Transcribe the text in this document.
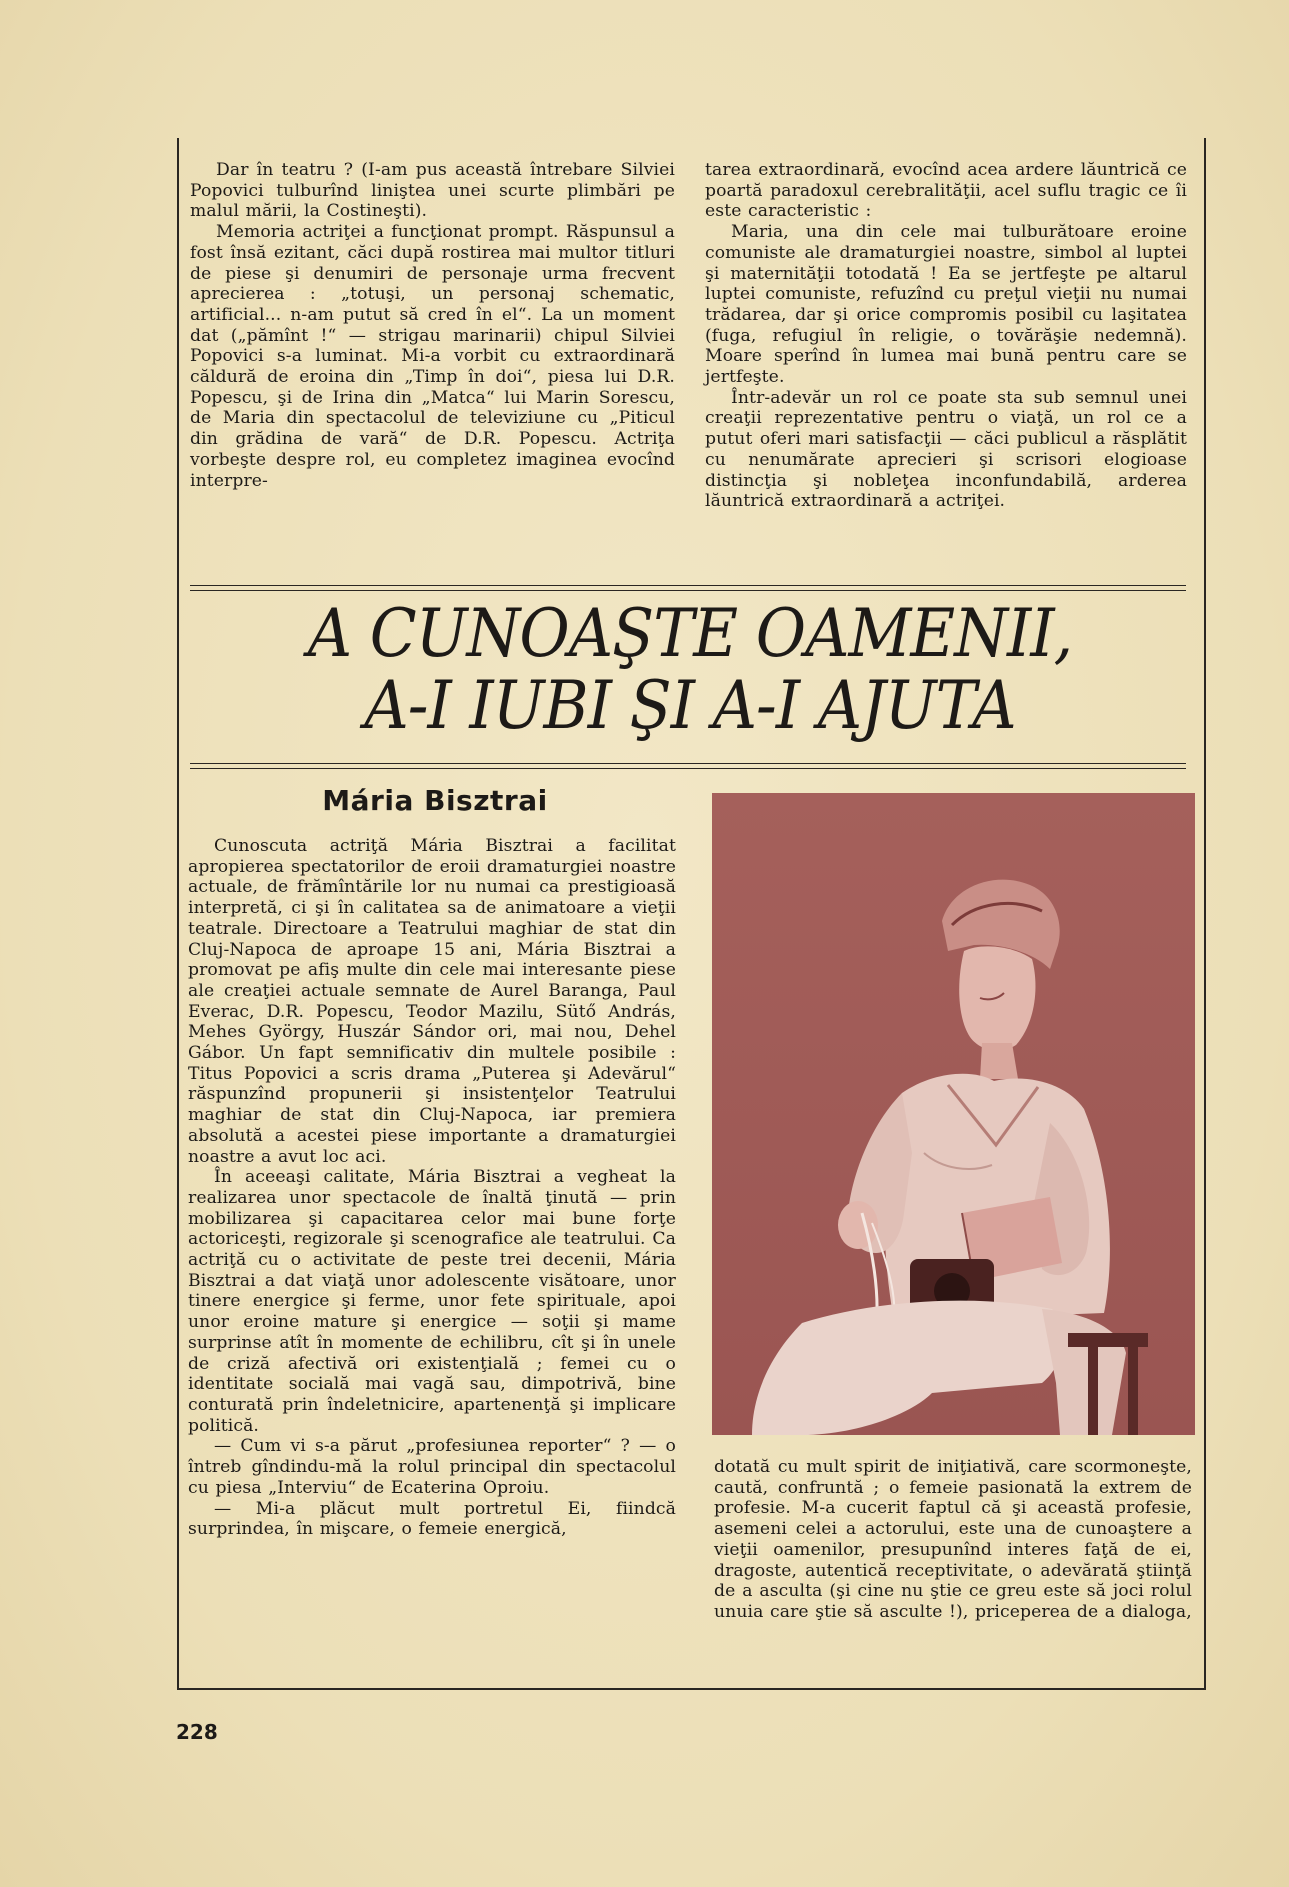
Dar în teatru ? (I-am pus această întrebare Silviei Popovici tulburînd liniştea unei scurte plimbări pe malul mării, la Costineşti).

Memoria actriţei a funcţionat prompt. Răspunsul a fost însă ezitant, căci după rostirea mai multor titluri de piese şi denumiri de personaje urma frecvent aprecierea : „totuşi, un personaj schematic, artificial... n-am putut să cred în el“. La un moment dat („pămînt !“ — strigau marinarii) chipul Silviei Popovici s-a luminat. Mi-a vorbit cu extraordinară căldură de eroina din „Timp în doi“, piesa lui D.R. Popescu, şi de Irina din „Matca“ lui Marin Sorescu, de Maria din spectacolul de televiziune cu „Piticul din grădina de vară“ de D.R. Popescu. Actriţa vorbeşte despre rol, eu completez imaginea evocînd interpre-

tarea extraordinară, evocînd acea ardere lăuntrică ce poartă paradoxul cerebralităţii, acel suflu tragic ce îi este caracteristic :

Maria, una din cele mai tulburătoare eroine comuniste ale dramaturgiei noastre, simbol al luptei şi maternităţii totodată ! Ea se jertfeşte pe altarul luptei comuniste, refuzînd cu preţul vieţii nu numai trădarea, dar şi orice compromis posibil cu laşitatea (fuga, refugiul în religie, o tovărăşie nedemnă). Moare sperînd în lumea mai bună pentru care se jertfeşte.

Într-adevăr un rol ce poate sta sub semnul unei creaţii reprezentative pentru o viaţă, un rol ce a putut oferi mari satisfacţii — căci publicul a răsplătit cu nenumărate aprecieri şi scrisori elogioase distincţia şi nobleţea inconfundabilă, arderea lăuntrică extraordinară a actriţei.

A CUNOAŞTE OAMENII,
A-I IUBI ŞI A-I AJUTA
Mária Bisztrai

Cunoscuta actriţă Mária Bisztrai a facilitat apropierea spectatorilor de eroii dramaturgiei noastre actuale, de frămîntările lor nu numai ca prestigioasă interpretă, ci şi în calitatea sa de animatoare a vieţii teatrale. Directoare a Teatrului maghiar de stat din Cluj-Napoca de aproape 15 ani, Mária Bisztrai a promovat pe afiş multe din cele mai interesante piese ale creaţiei actuale semnate de Aurel Baranga, Paul Everac, D.R. Popescu, Teodor Mazilu, Sütő András, Mehes György, Huszár Sándor ori, mai nou, Dehel Gábor. Un fapt semnificativ din multele posibile : Titus Popovici a scris drama „Puterea şi Adevărul“ răspunzînd propunerii şi insistenţelor Teatrului maghiar de stat din Cluj-Napoca, iar premiera absolută a acestei piese importante a dramaturgiei noastre a avut loc aci.

În aceeaşi calitate, Mária Bisztrai a vegheat la realizarea unor spectacole de înaltă ţinută — prin mobilizarea şi capacitarea celor mai bune forţe actoriceşti, regizorale şi scenografice ale teatrului. Ca actriţă cu o activitate de peste trei decenii, Mária Bisztrai a dat viaţă unor adolescente visătoare, unor tinere energice şi ferme, unor fete spirituale, apoi unor eroine mature şi energice — soţii şi mame surprinse atît în momente de echilibru, cît şi în unele de criză afectivă ori existenţială ; femei cu o identitate socială mai vagă sau, dimpotrivă, bine conturată prin îndeletnicire, apartenenţă şi implicare politică.

— Cum vi s-a părut „profesiunea reporter“ ? — o întreb gîndindu-mă la rolul principal din spectacolul cu piesa „Interviu“ de Ecaterina Oproiu.

— Mi-a plăcut mult portretul Ei, fiindcă surprindea, în mişcare, o femeie energică,

dotată cu mult spirit de iniţiativă, care scormoneşte, caută, confruntă ; o femeie pasionată la extrem de profesie. M-a cucerit faptul că şi această profesie, asemeni celei a actorului, este una de cunoaştere a vieţii oamenilor, presupunînd interes faţă de ei, dragoste, autentică receptivitate, o adevărată ştiinţă de a asculta (şi cine nu ştie ce greu este să joci rolul unuia care ştie să asculte !), priceperea de a dialoga,

228
